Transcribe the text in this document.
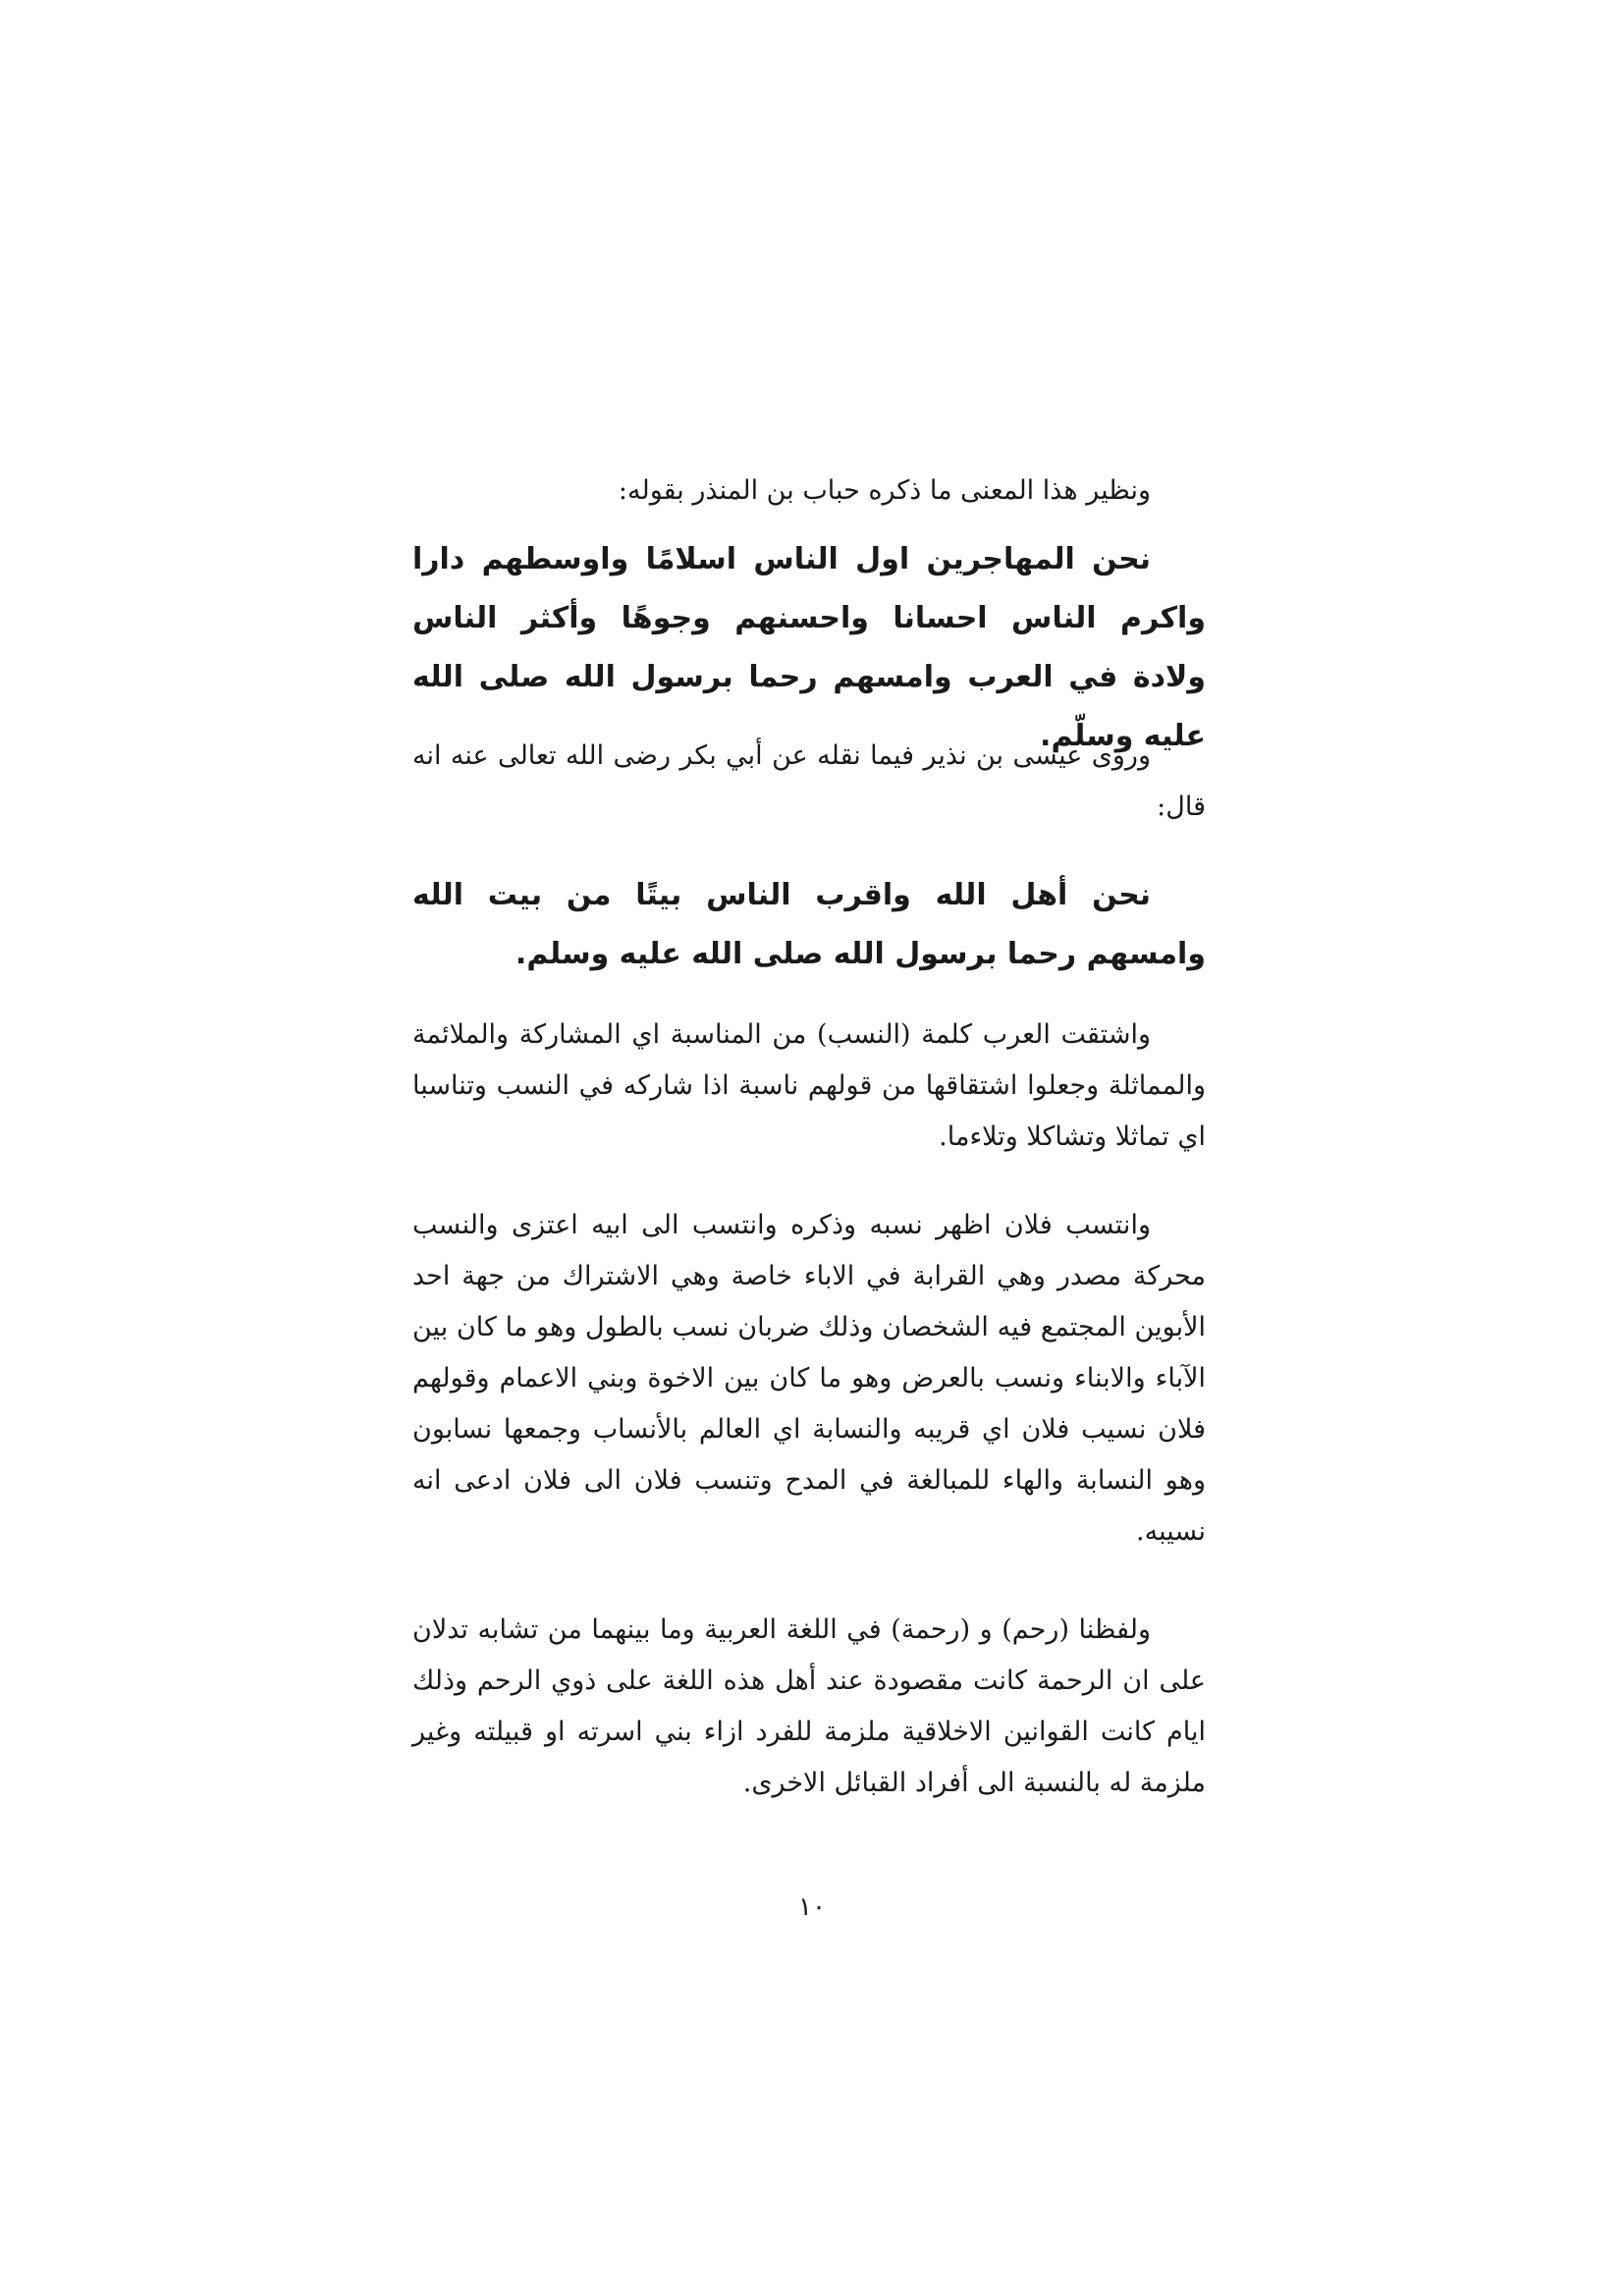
ونظير هذا المعنى ما ذكره حباب بن المنذر بقوله:

نحن المهاجرين اول الناس اسلامًا واوسطهم دارا واكرم الناس احسانا واحسنهم وجوهًا وأكثر الناس ولادة في العرب وامسهم رحما برسول الله صلى الله عليه وسلّم.

وروى عيسى بن نذير فيما نقله عن أبي بكر رضى الله تعالى عنه انه قال:

نحن أهل الله واقرب الناس بيتًا من بيت الله وامسهم رحما برسول الله صلى الله عليه وسلم.

واشتقت العرب كلمة (النسب) من المناسبة اي المشاركة والملائمة والمماثلة وجعلوا اشتقاقها من قولهم ناسبة اذا شاركه في النسب وتناسبا اي تماثلا وتشاكلا وتلاءما.

وانتسب فلان اظهر نسبه وذكره وانتسب الى ابيه اعتزى والنسب محركة مصدر وهي القرابة في الاباء خاصة وهي الاشتراك من جهة احد الأبوين المجتمع فيه الشخصان وذلك ضربان نسب بالطول وهو ما كان بين الآباء والابناء ونسب بالعرض وهو ما كان بين الاخوة وبني الاعمام وقولهم فلان نسيب فلان اي قريبه والنسابة اي العالم بالأنساب وجمعها نسابون وهو النسابة والهاء للمبالغة في المدح وتنسب فلان الى فلان ادعى انه نسيبه.

ولفظنا (رحم) و (رحمة) في اللغة العربية وما بينهما من تشابه تدلان على ان الرحمة كانت مقصودة عند أهل هذه اللغة على ذوي الرحم وذلك ايام كانت القوانين الاخلاقية ملزمة للفرد ازاء بني اسرته او قبيلته وغير ملزمة له بالنسبة الى أفراد القبائل الاخرى.

١٠
